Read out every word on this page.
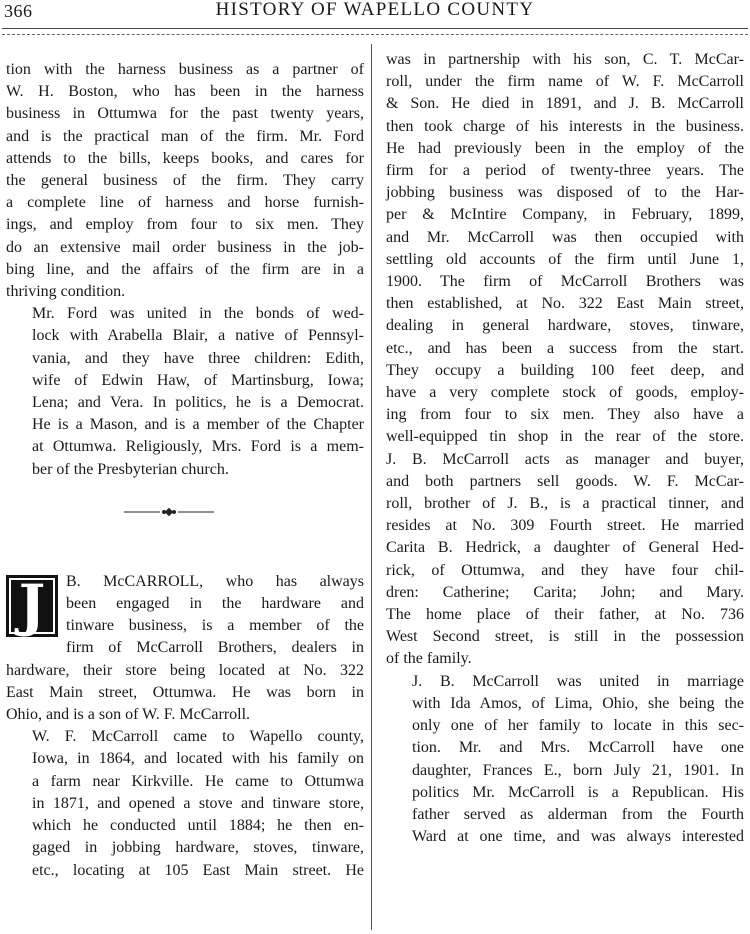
366	HISTORY OF WAPELLO COUNTY

tion with the harness business as a partner of
W. H. Boston, who has been in the harness
business in Ottumwa for the past twenty years,
and is the practical man of the firm. Mr. Ford
attends to the bills, keeps books, and cares for
the general business of the firm. They carry
a complete line of harness and horse furnish-
ings, and employ from four to six men. They
do an extensive mail order business in the job-
bing line, and the affairs of the firm are in a
thriving condition.

Mr. Ford was united in the bonds of wed-
lock with Arabella Blair, a native of Pennsyl-
vania, and they have three children: Edith,
wife of Edwin Haw, of Martinsburg, Iowa;
Lena; and Vera. In politics, he is a Democrat.
He is a Mason, and is a member of the Chapter
at Ottumwa. Religiously, Mrs. Ford is a mem-
ber of the Presbyterian church.

J	B. McCARROLL, who has always
been engaged in the hardware and
tinware business, is a member of the
firm of McCarroll Brothers, dealers in

hardware, their store being located at No. 322
East Main street, Ottumwa. He was born in
Ohio, and is a son of W. F. McCarroll.

W. F. McCarroll came to Wapello county,
Iowa, in 1864, and located with his family on
a farm near Kirkville. He came to Ottumwa
in 1871, and opened a stove and tinware store,
which he conducted until 1884; he then en-
gaged in jobbing hardware, stoves, tinware,
etc., locating at 105 East Main street. He

was in partnership with his son, C. T. McCar-
roll, under the firm name of W. F. McCarroll
& Son. He died in 1891, and J. B. McCarroll
then took charge of his interests in the business.
He had previously been in the employ of the
firm for a period of twenty-three years. The
jobbing business was disposed of to the Har-
per & McIntire Company, in February, 1899,
and Mr. McCarroll was then occupied with
settling old accounts of the firm until June 1,
1900. The firm of McCarroll Brothers was
then established, at No. 322 East Main street,
dealing in general hardware, stoves, tinware,
etc., and has been a success from the start.
They occupy a building 100 feet deep, and
have a very complete stock of goods, employ-
ing from four to six men. They also have a
well-equipped tin shop in the rear of the store.
J. B. McCarroll acts as manager and buyer,
and both partners sell goods. W. F. McCar-
roll, brother of J. B., is a practical tinner, and
resides at No. 309 Fourth street. He married
Carita B. Hedrick, a daughter of General Hed-
rick, of Ottumwa, and they have four chil-
dren: Catherine; Carita; John; and Mary.
The home place of their father, at No. 736
West Second street, is still in the possession
of the family.

J. B. McCarroll was united in marriage
with Ida Amos, of Lima, Ohio, she being the
only one of her family to locate in this sec-
tion. Mr. and Mrs. McCarroll have one
daughter, Frances E., born July 21, 1901. In
politics Mr. McCarroll is a Republican. His
father served as alderman from the Fourth
Ward at one time, and was always interested
